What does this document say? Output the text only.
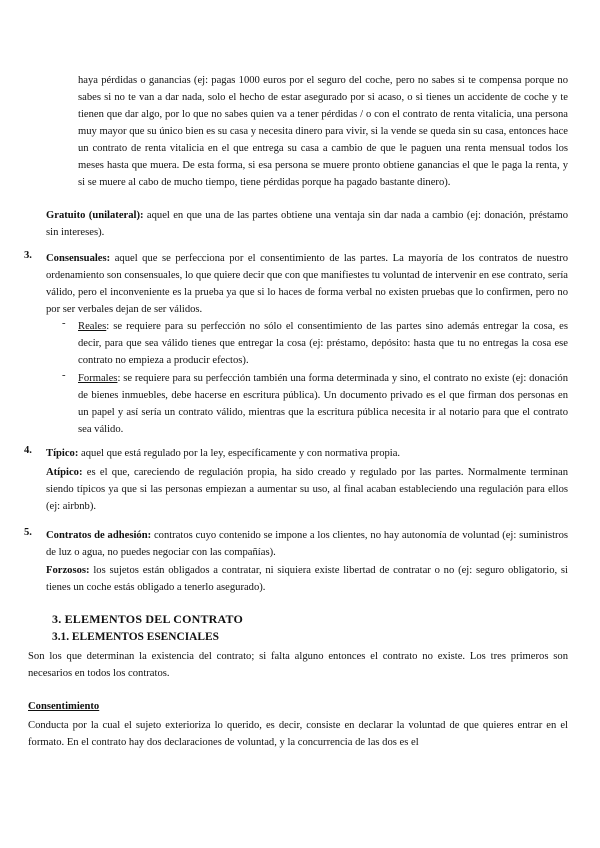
haya pérdidas o ganancias (ej: pagas 1000 euros por el seguro del coche, pero no sabes si te compensa porque no sabes si no te van a dar nada, solo el hecho de estar asegurado por si acaso, o si tienes un accidente de coche y te tienen que dar algo, por lo que no sabes quien va a tener pérdidas / o con el contrato de renta vitalicia, una persona muy mayor que su único bien es su casa y necesita dinero para vivir, si la vende se queda sin su casa, entonces hace un contrato de renta vitalicia en el que entrega su casa a cambio de que le paguen una renta mensual todos los meses hasta que muera. De esta forma, si esa persona se muere pronto obtiene ganancias el que le paga la renta, y si se muere al cabo de mucho tiempo, tiene pérdidas porque ha pagado bastante dinero).

Gratuito (unilateral): aquel en que una de las partes obtiene una ventaja sin dar nada a cambio (ej: donación, préstamo sin intereses).

3. Consensuales: aquel que se perfecciona por el consentimiento de las partes. La mayoría de los contratos de nuestro ordenamiento son consensuales, lo que quiere decir que con que manifiestes tu voluntad de intervenir en ese contrato, sería válido, pero el inconveniente es la prueba ya que si lo haces de forma verbal no existen pruebas que lo confirmen, pero no por ser verbales dejan de ser válidos.

- Reales: se requiere para su perfección no sólo el consentimiento de las partes sino además entregar la cosa, es decir, para que sea válido tienes que entregar la cosa (ej: préstamo, depósito: hasta que tu no entregas la cosa ese contrato no empieza a producir efectos).

- Formales: se requiere para su perfección también una forma determinada y sino, el contrato no existe (ej: donación de bienes inmuebles, debe hacerse en escritura pública). Un documento privado es el que firman dos personas en un papel y así sería un contrato válido, mientras que la escritura pública necesita ir al notario para que el contrato sea válido.

4. Típico: aquel que está regulado por la ley, específicamente y con normativa propia.

Atípico: es el que, careciendo de regulación propia, ha sido creado y regulado por las partes. Normalmente terminan siendo típicos ya que si las personas empiezan a aumentar su uso, al final acaban estableciendo una regulación para ellos (ej: airbnb).

5. Contratos de adhesión: contratos cuyo contenido se impone a los clientes, no hay autonomía de voluntad (ej: suministros de luz o agua, no puedes negociar con las compañías).

Forzosos: los sujetos están obligados a contratar, ni siquiera existe libertad de contratar o no (ej: seguro obligatorio, si tienes un coche estás obligado a tenerlo asegurado).

3. ELEMENTOS DEL CONTRATO

3.1. ELEMENTOS ESENCIALES

Son los que determinan la existencia del contrato; si falta alguno entonces el contrato no existe. Los tres primeros son necesarios en todos los contratos.

Consentimiento

Conducta por la cual el sujeto exterioriza lo querido, es decir, consiste en declarar la voluntad de que quieres entrar en el formato. En el contrato hay dos declaraciones de voluntad, y la concurrencia de las dos es el
